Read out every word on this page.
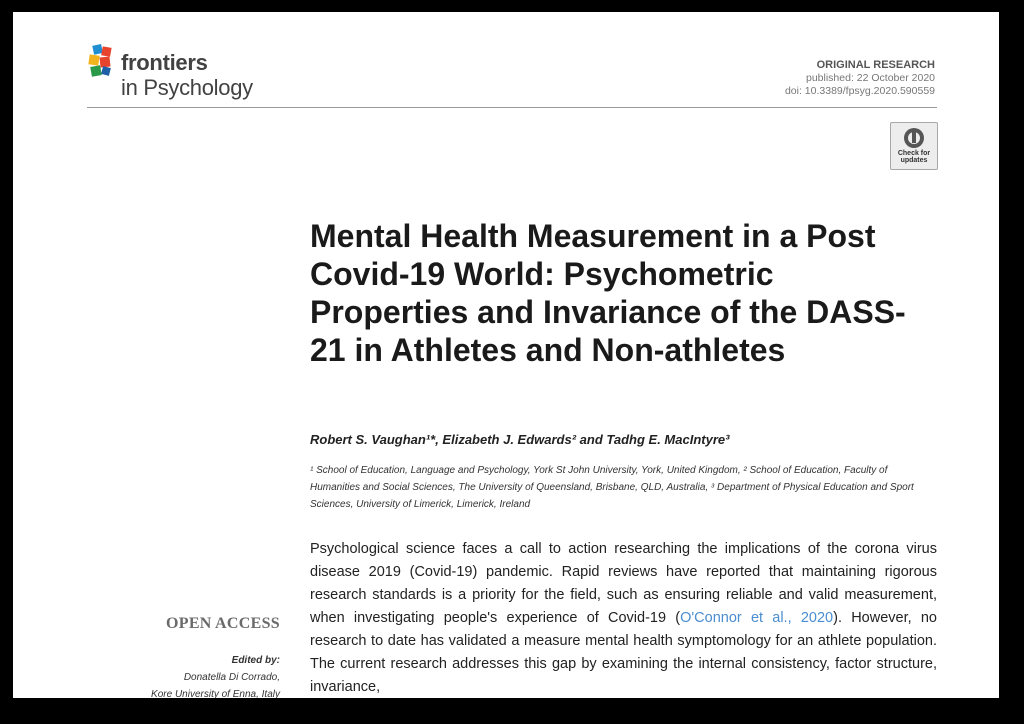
frontiers
in Psychology
ORIGINAL RESEARCH
published: 22 October 2020
doi: 10.3389/fpsyg.2020.590559
Check for
updates
Mental Health Measurement in a Post Covid-19 World: Psychometric Properties and Invariance of the DASS-21 in Athletes and Non-athletes
Robert S. Vaughan¹*, Elizabeth J. Edwards² and Tadhg E. MacIntyre³
¹ School of Education, Language and Psychology, York St John University, York, United Kingdom, ² School of Education, Faculty of Humanities and Social Sciences, The University of Queensland, Brisbane, QLD, Australia, ³ Department of Physical Education and Sport Sciences, University of Limerick, Limerick, Ireland
Psychological science faces a call to action researching the implications of the corona virus disease 2019 (Covid-19) pandemic. Rapid reviews have reported that maintaining rigorous research standards is a priority for the field, such as ensuring reliable and valid measurement, when investigating people's experience of Covid-19 (O'Connor et al., 2020). However, no research to date has validated a measure mental health symptomology for an athlete population. The current research addresses this gap by examining the internal consistency, factor structure, invariance,
OPEN ACCESS
Edited by:
Donatella Di Corrado,
Kore University of Enna, Italy
